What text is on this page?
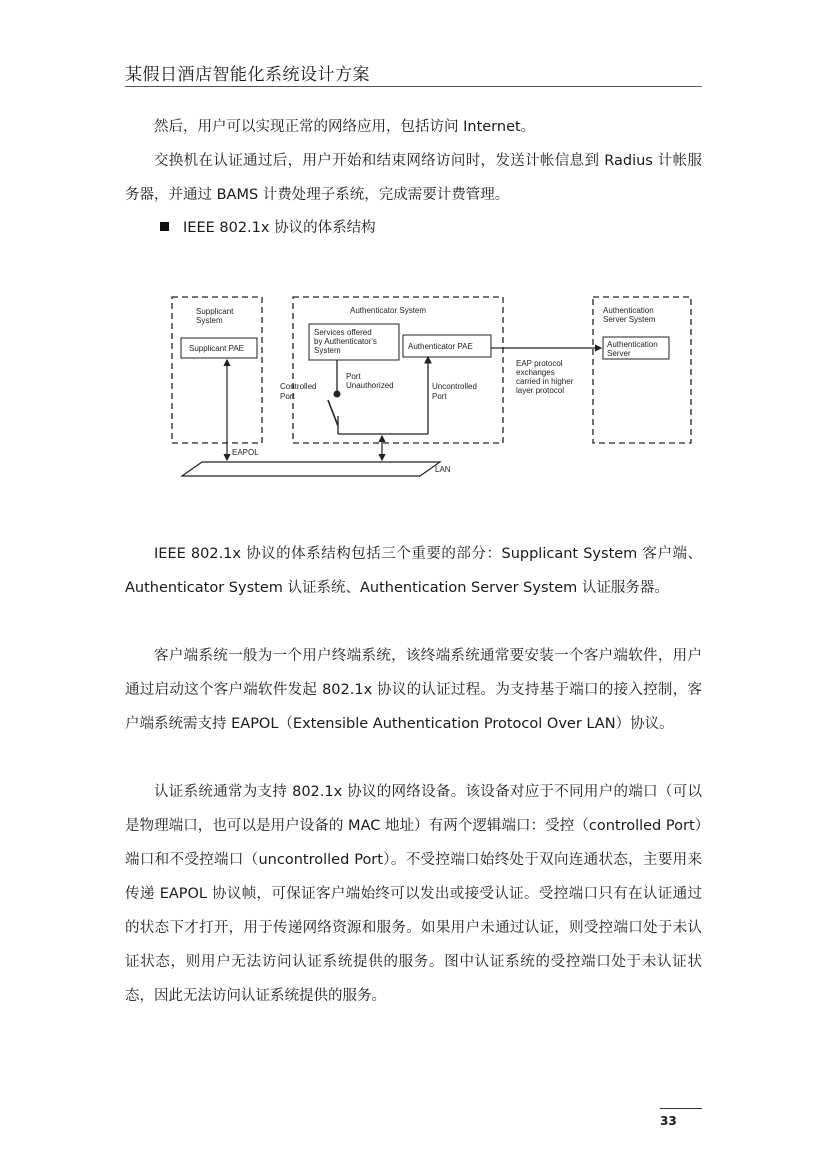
某假日酒店智能化系统设计方案

然后，用户可以实现正常的网络应用，包括访问 Internet。

交换机在认证通过后，用户开始和结束网络访问时，发送计帐信息到 Radius 计帐服务器，并通过 BAMS 计费处理子系统，完成需要计费管理。

IEEE 802.1x 协议的体系结构
Supplicant
System
Supplicant PAE
Authenticator System
Services offered
by Authenticator's
System	Authenticator PAE
Controlled
Port
Port
Unauthorized	Uncontrolled
Port
Authentication
Server System
Authentication
Server
EAP protocol
exchanges
carried in higher
layer protocol
LAN
EAPOL

IEEE 802.1x 协议的体系结构包括三个重要的部分：Supplicant System 客户端、Authenticator System 认证系统、Authentication Server System 认证服务器。

客户端系统一般为一个用户终端系统，该终端系统通常要安装一个客户端软件，用户通过启动这个客户端软件发起 802.1x 协议的认证过程。为支持基于端口的接入控制，客户端系统需支持 EAPOL（Extensible Authentication Protocol Over LAN）协议。

认证系统通常为支持 802.1x 协议的网络设备。该设备对应于不同用户的端口（可以是物理端口，也可以是用户设备的 MAC 地址）有两个逻辑端口：受控（controlled Port）端口和不受控端口（uncontrolled Port）。不受控端口始终处于双向连通状态，主要用来传递 EAPOL 协议帧，可保证客户端始终可以发出或接受认证。受控端口只有在认证通过的状态下才打开，用于传递网络资源和服务。如果用户未通过认证，则受控端口处于未认证状态，则用户无法访问认证系统提供的服务。图中认证系统的受控端口处于未认证状态，因此无法访问认证系统提供的服务。

33
